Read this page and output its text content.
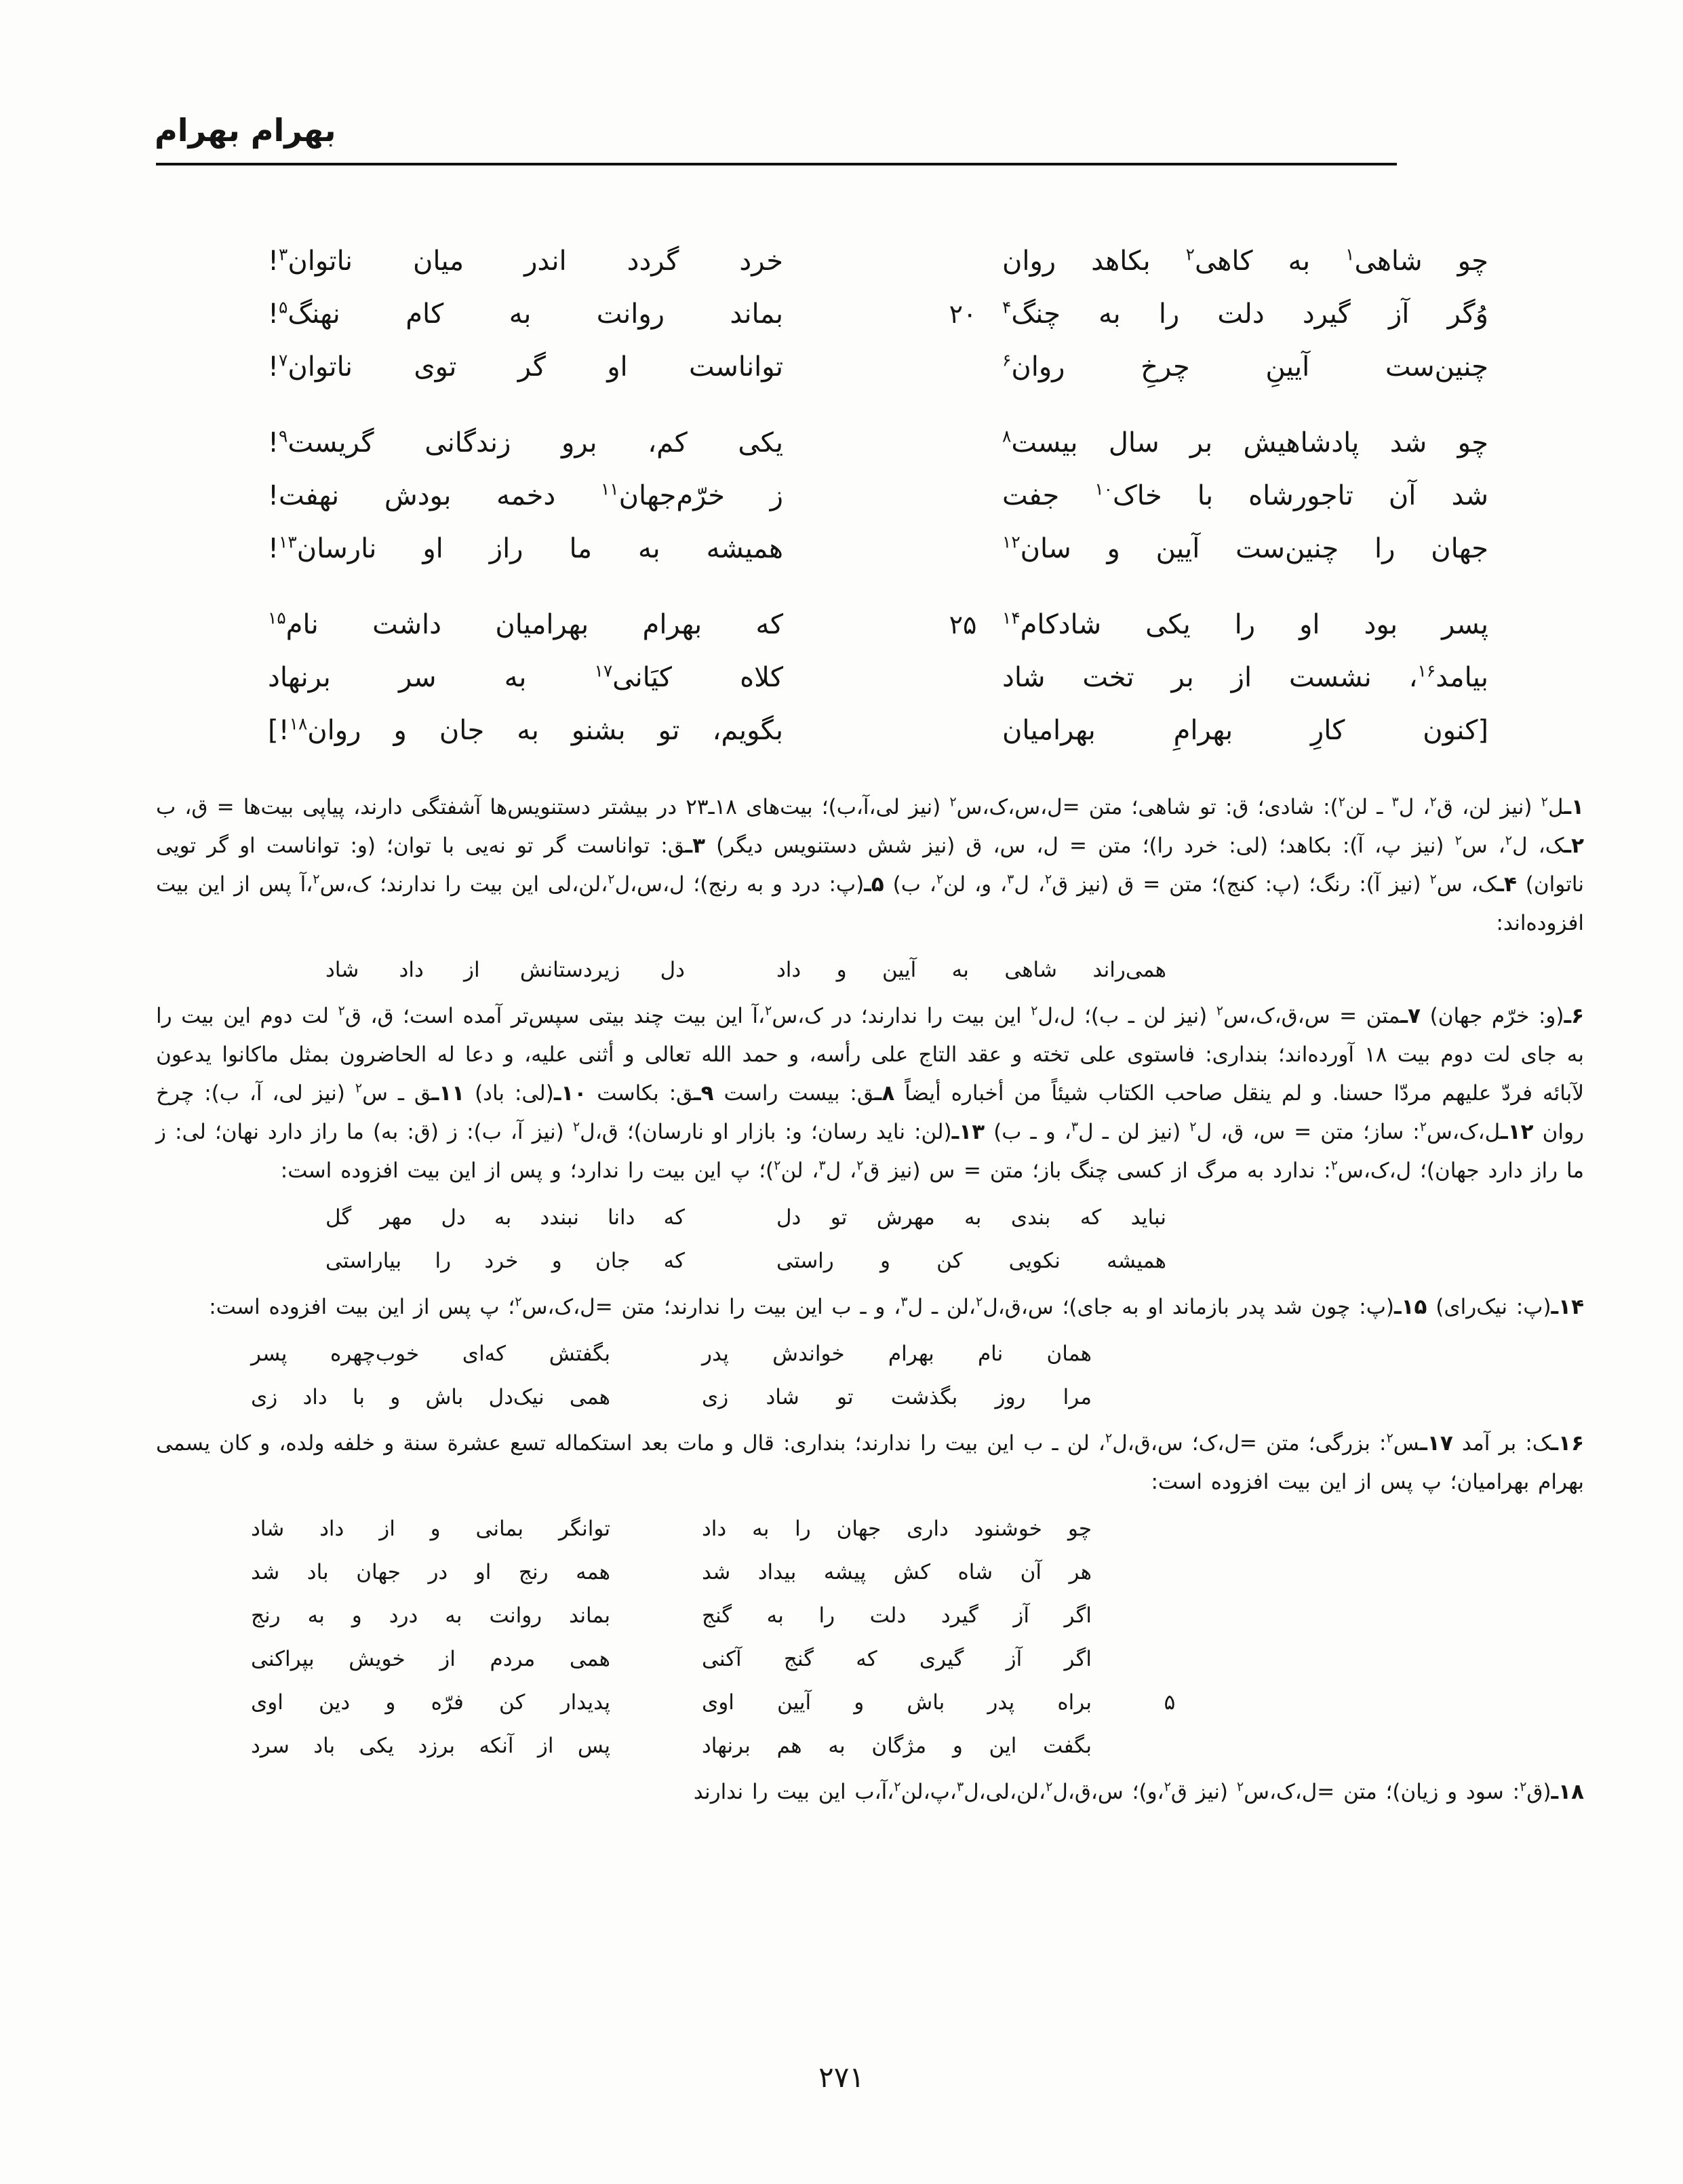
بهرام بهرام
چو شاهی$^۱$ به کاهی$^۲$ بکاهد روان
خرد گردد اندر میان ناتوان$^۳$!
۲۰	وُگر آز گیرد دلت را به چنگ$^۴$
بماند روانت به کام نهنگ$^۵$!
چنین‌ست آیینِ چرخِ روان$^۶$
تواناست او گر توی ناتوان$^۷$!
چو شد پادشاهیش بر سال بیست$^۸$
یکی کم، برو زندگانی گریست$^۹$!
شد آن تاجورشاه با خاک$^{۱۰}$ جفت
ز خرّم‌جهان$^{۱۱}$ دخمه بودش نهفت!
جهان را چنین‌ست آیین و سان$^{۱۲}$
همیشه به ما راز او نارسان$^{۱۳}$!
۲۵	پسر بود او را یکی شادکام$^{۱۴}$
که بهرام بهرامیان داشت نام$^{۱۵}$
بیامد$^{۱۶}$، نشست از بر تخت شاد
کلاه کیَانی$^{۱۷}$ به سر برنهاد
[کنون کارِ بهرامِ بهرامیان
بگویم، تو بشنو به جان و روان$^{۱۸}$!]

۱ـل$^۲$ (نیز لن، ق$^۲$، ل$^۳$ ـ لن$^۲$): شادی؛ ق: تو شاهی؛ متن =ل،س،ک،س$^۲$ (نیز لی،آ،ب)؛ بیت‌های ۱۸ـ۲۳ در بیشتر دستنویس‌ها آشفتگی دارند، پیاپی بیت‌ها = ق، ب ۲ـک، ل$^۲$، س$^۲$ (نیز پ، آ): بکاهد؛ (لی: خرد را)؛ متن = ل، س، ق (نیز شش دستنویس دیگر) ۳ـق: تواناست گر تو نه‌یی با توان؛ (و: تواناست او گر تویی ناتوان) ۴ـک، س$^۲$ (نیز آ): رنگ؛ (پ: کنج)؛ متن = ق (نیز ق$^۲$، ل$^۳$، و، لن$^۲$، ب) ۵ـ(پ: درد و به رنج)؛ ل،س،ل$^۲$،لن،لی این بیت را ندارند؛ ک،س$^۲$،آ پس از این بیت افزوده‌اند:

همی‌راند شاهی به آیین و داد
دل زیردستانش از داد شاد

۶ـ(و: خرّم جهان) ۷ـمتن = س،ق،ک،س$^۲$ (نیز لن ـ ب)؛ ل،ل$^۲$ این بیت را ندارند؛ در ک،س$^۲$،آ این بیت چند بیتی سپس‌تر آمده است؛ ق، ق$^۲$ لت دوم این بیت را به جای لت دوم بیت ۱۸ آورده‌اند؛ بنداری: فاستوی علی تخته و عقد التاج علی رأسه، و حمد الله تعالی و أثنی علیه، و دعا له الحاضرون بمثل ماکانوا یدعون لآبائه فردّ علیهم مردّا حسنا. و لم ینقل صاحب الکتاب شیئاً من أخباره أیضاً ۸ـق: بیست راست ۹ـق: بکاست ۱۰ـ(لی: باد) ۱۱ـق ـ س$^۲$ (نیز لی، آ، ب): چرخ روان ۱۲ـل،ک،س$^۲$: ساز؛ متن = س، ق، ل$^۲$ (نیز لن ـ ل$^۳$، و ـ ب) ۱۳ـ(لن: ناید رسان؛ و: بازار او نارسان)؛ ق،ل$^۲$ (نیز آ، ب): ز (ق: به) ما راز دارد نهان؛ لی: ز ما راز دارد جهان)؛ ل،ک،س$^۲$: ندارد به مرگ از کسی چنگ باز؛ متن = س (نیز ق$^۲$، ل$^۳$، لن$^۲$)؛ پ این بیت را ندارد؛ و پس از این بیت افزوده است:

نباید که بندی به مهرش تو دل
که دانا نبندد به دل مهر گل
همیشه نکویی کن و راستی
که جان و خرد را بیاراستی

۱۴ـ(پ: نیک‌رای) ۱۵ـ(پ: چون شد پدر بازماند او به جای)؛ س،ق،ل$^۲$،لن ـ ل$^۳$، و ـ ب این بیت را ندارند؛ متن =ل،ک،س$^۲$؛ پ پس از این بیت افزوده است:

همان نام بهرام خواندش پدر
بگفتش که‌ای خوب‌چهره پسر
مرا روز بگذشت تو شاد زی
همی نیک‌دل باش و با داد زی

۱۶ـک: بر آمد ۱۷ـس$^۲$: بزرگی؛ متن =ل،ک؛ س،ق،ل$^۲$، لن ـ ب این بیت را ندارند؛ بنداری: قال و مات بعد استکماله تسع عشرة سنة و خلفه ولده، و کان یسمی بهرام بهرامیان؛ پ پس از این بیت افزوده است:

چو خوشنود داری جهان را به داد
توانگر بمانی و از داد شاد
هر آن شاه کش پیشه بیداد شد
همه رنج او در جهان باد شد
اگر آز گیرد دلت را به گنج
بماند روانت به درد و به رنج
اگر آز گیری که گنج آکنی
همی مردم از خویش بپراکنی
۵
براه پدر باش و آیین اوی
پدیدار کن فرّه و دین اوی
بگفت این و مژگان به هم برنهاد
پس از آنکه برزد یکی باد سرد

۱۸ـ(ق$^۲$: سود و زیان)؛ متن =ل،ک،س$^۲$ (نیز ق$^۲$،و)؛ س،ق،ل$^۲$،لن،لی،ل$^۳$،پ،لن$^۲$،آ،ب این بیت را ندارند

۲۷۱
